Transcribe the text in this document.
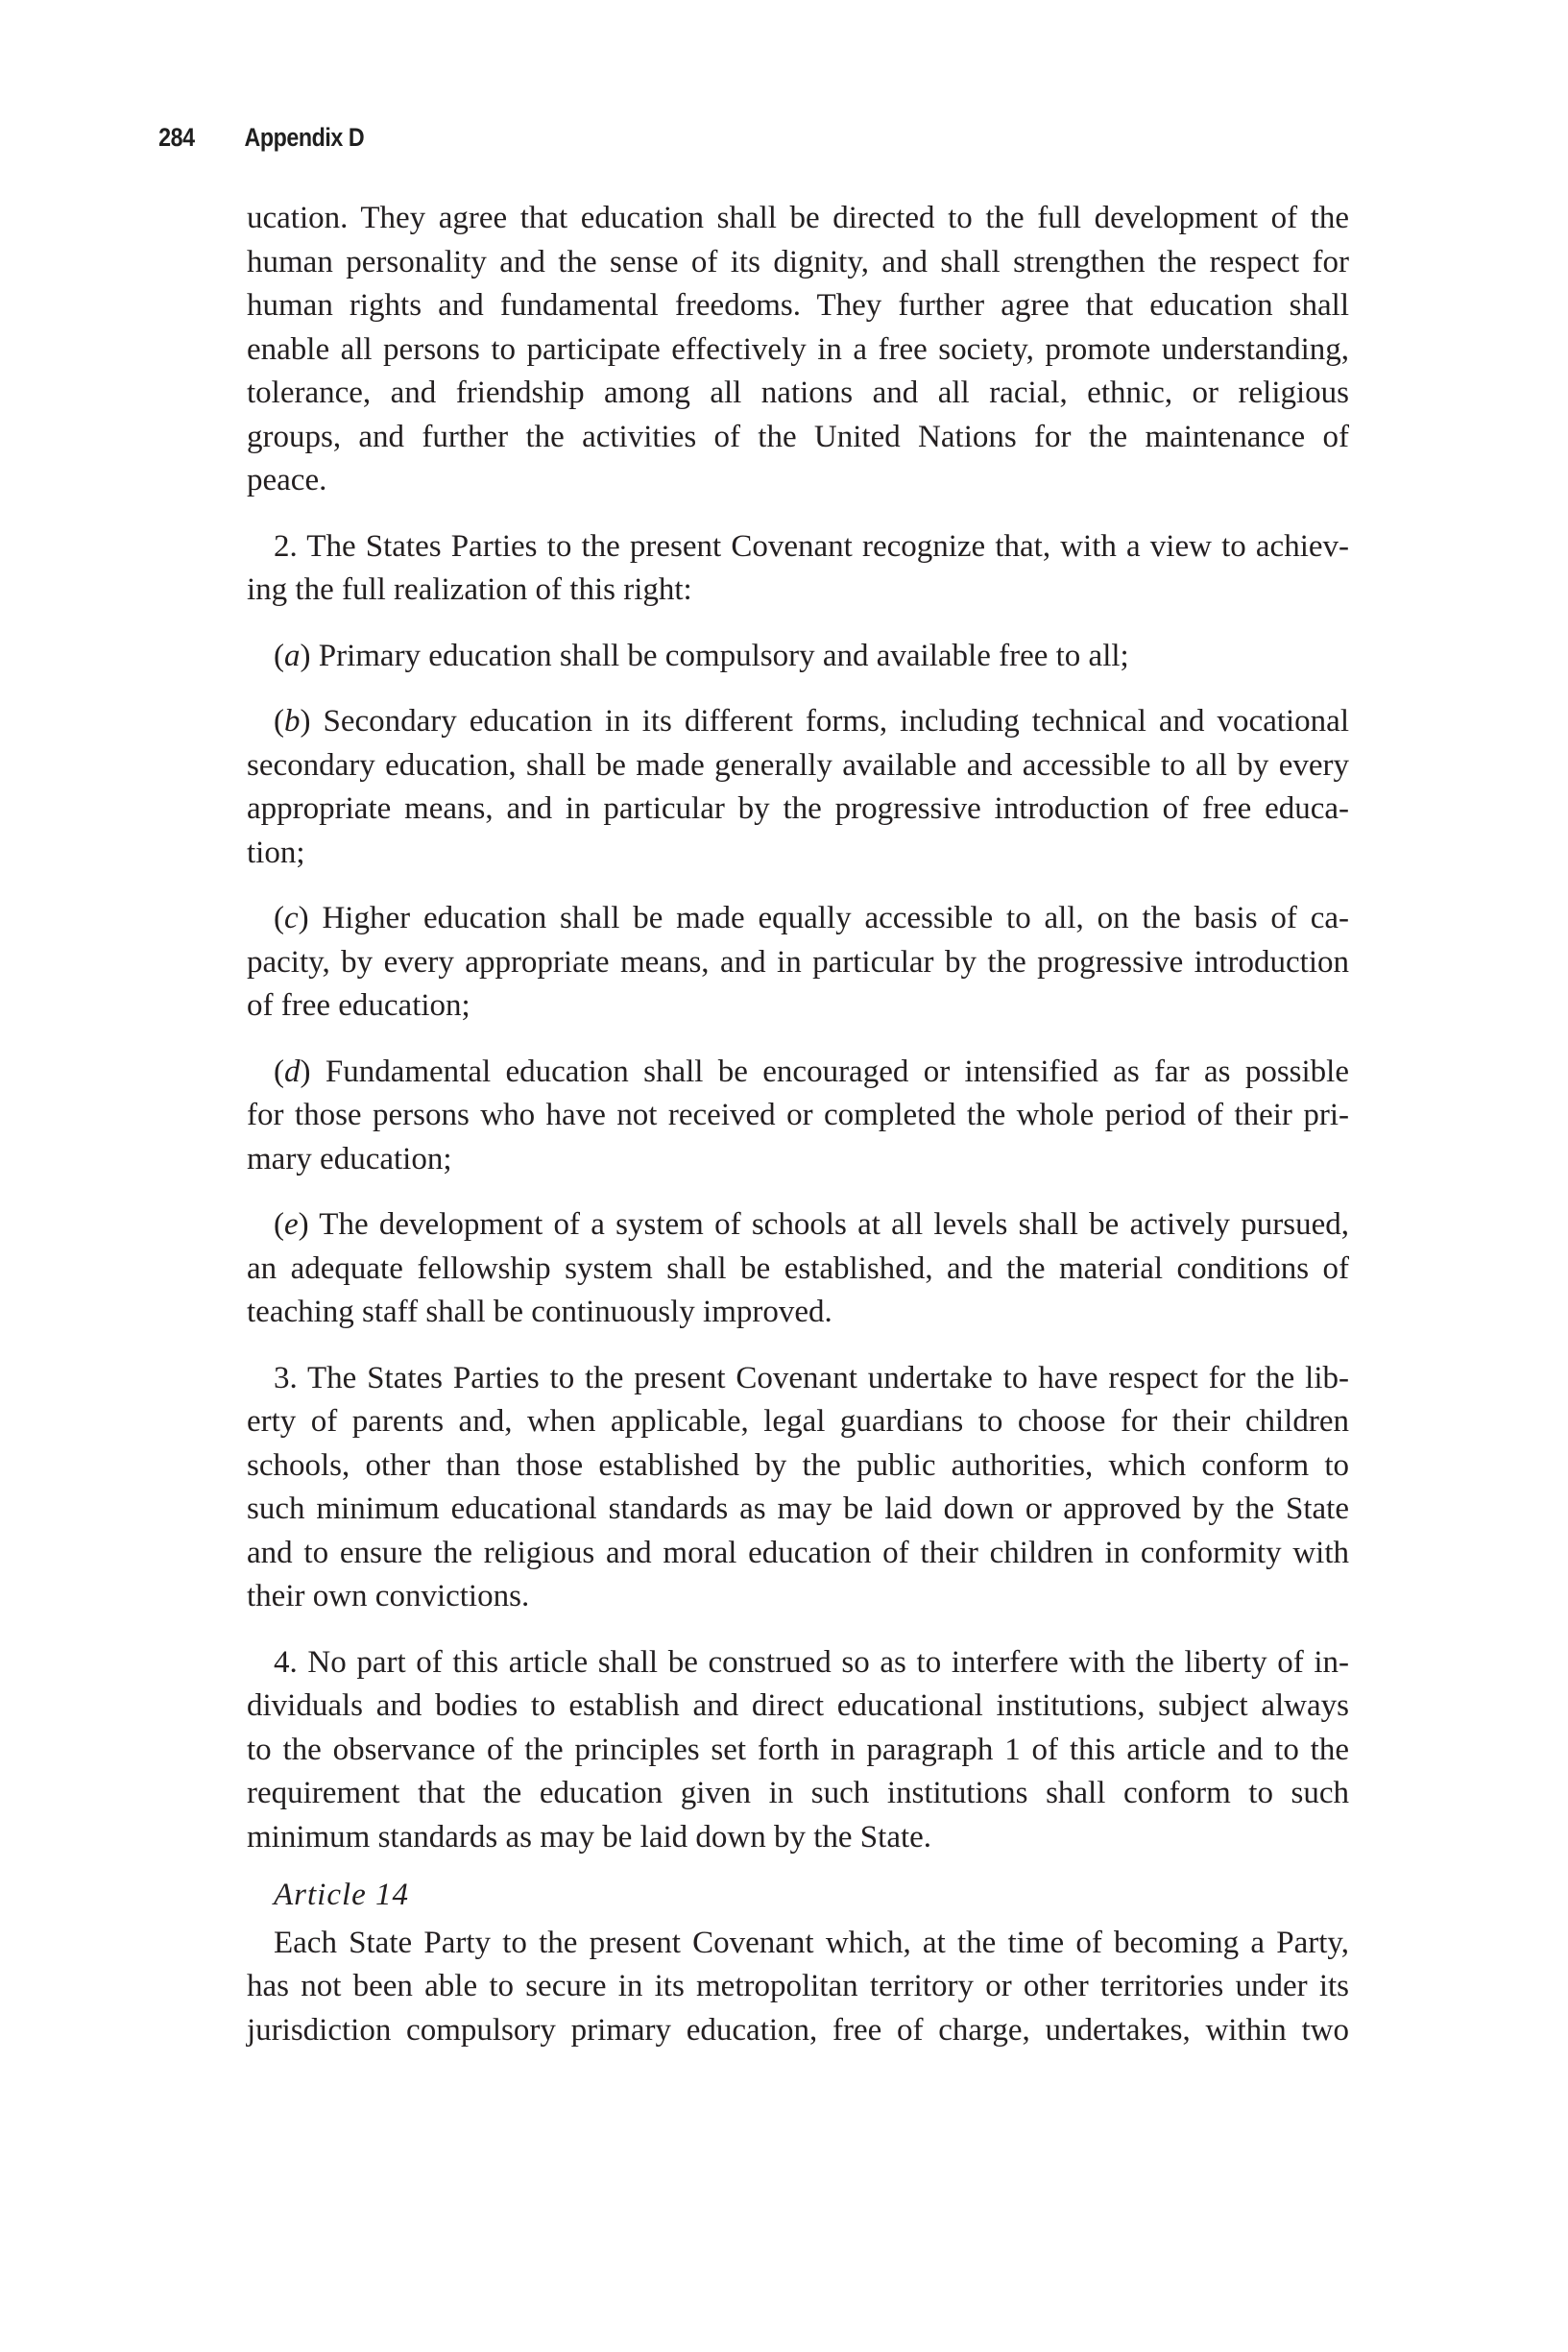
284 Appendix D
ucation. They agree that education shall be directed to the full development of the
human personality and the sense of its dignity, and shall strengthen the respect for
human rights and fundamental freedoms. They further agree that education shall
enable all persons to participate effectively in a free society, promote understanding,
tolerance, and friendship among all nations and all racial, ethnic, or religious
groups, and further the activities of the United Nations for the maintenance of
peace.
2. The States Parties to the present Covenant recognize that, with a view to achiev-
ing the full realization of this right:
(a) Primary education shall be compulsory and available free to all;
(b) Secondary education in its different forms, including technical and vocational
secondary education, shall be made generally available and accessible to all by every
appropriate means, and in particular by the progressive introduction of free educa-
tion;
(c) Higher education shall be made equally accessible to all, on the basis of ca-
pacity, by every appropriate means, and in particular by the progressive introduction
of free education;
(d) Fundamental education shall be encouraged or intensified as far as possible
for those persons who have not received or completed the whole period of their pri-
mary education;
(e) The development of a system of schools at all levels shall be actively pursued,
an adequate fellowship system shall be established, and the material conditions of
teaching staff shall be continuously improved.
3. The States Parties to the present Covenant undertake to have respect for the lib-
erty of parents and, when applicable, legal guardians to choose for their children
schools, other than those established by the public authorities, which conform to
such minimum educational standards as may be laid down or approved by the State
and to ensure the religious and moral education of their children in conformity with
their own convictions.
4. No part of this article shall be construed so as to interfere with the liberty of in-
dividuals and bodies to establish and direct educational institutions, subject always
to the observance of the principles set forth in paragraph 1 of this article and to the
requirement that the education given in such institutions shall conform to such
minimum standards as may be laid down by the State.
Article 14
Each State Party to the present Covenant which, at the time of becoming a Party,
has not been able to secure in its metropolitan territory or other territories under its
jurisdiction compulsory primary education, free of charge, undertakes, within two
